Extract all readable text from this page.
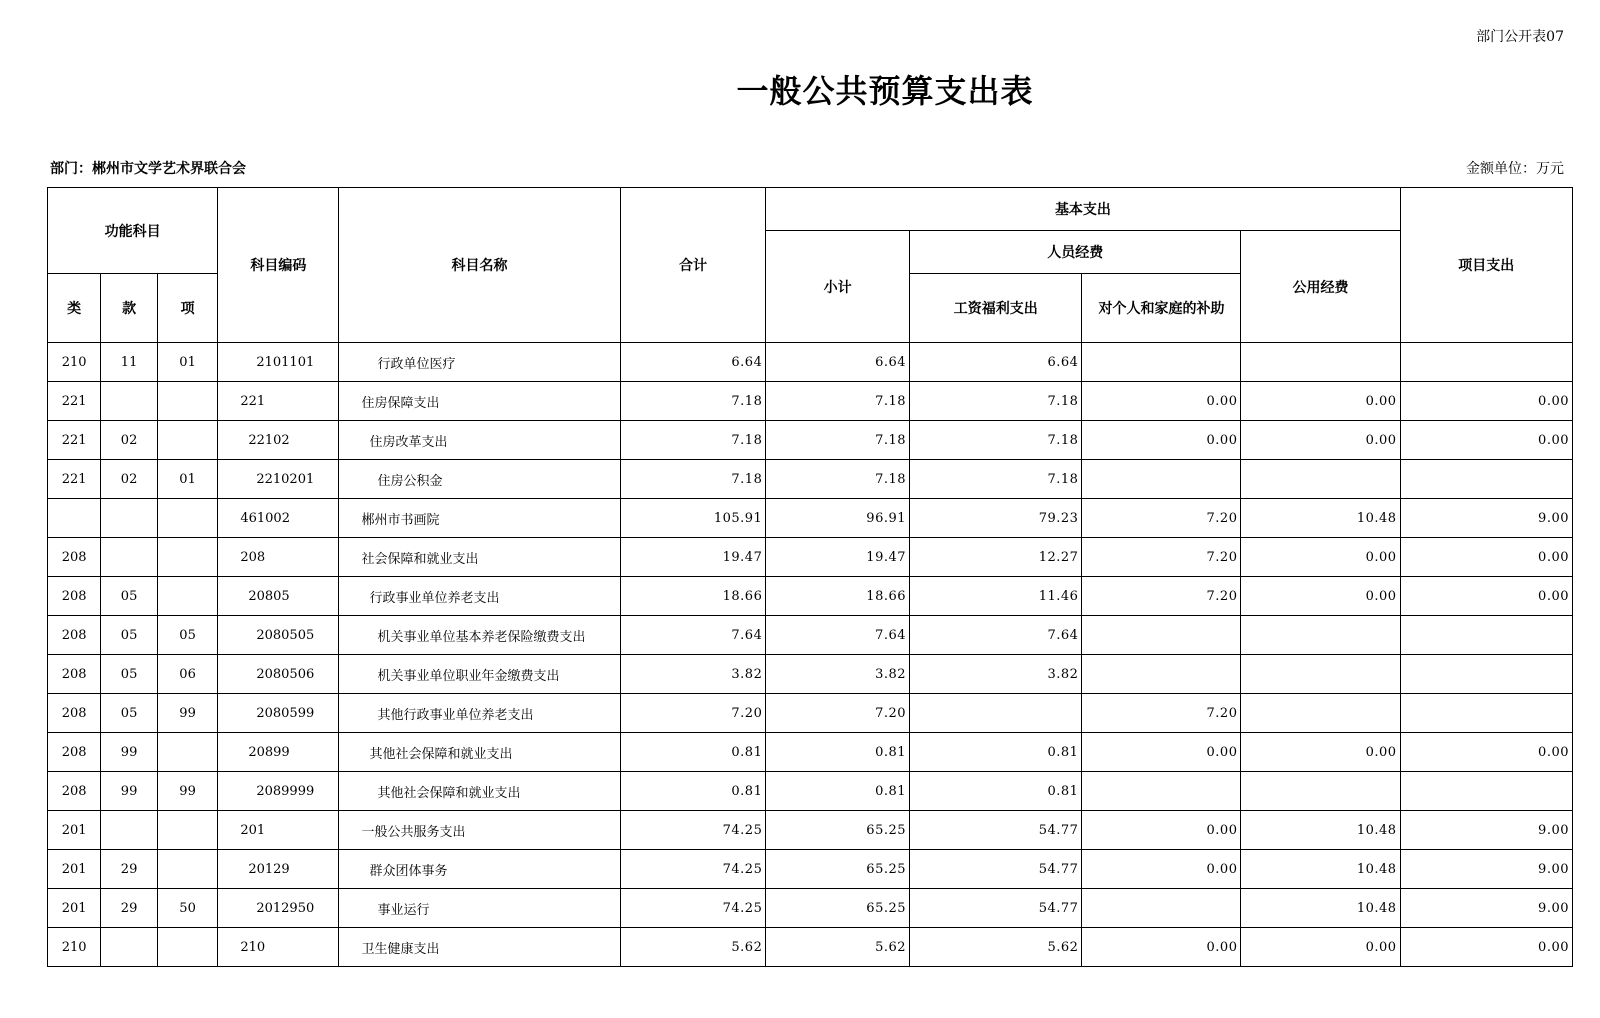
部门公开表07
一般公共预算支出表
部门：郴州市文学艺术界联合会	金额单位：万元
功能科目			科目编码	科目名称	合计	基本支出				项目支出
						小计	人员经费		公用经费	
类	款	项					工资福利支出	对个人和家庭的补助		
210	11	01	2101101	行政单位医疗	6.64	6.64	6.64			
221			221	住房保障支出	7.18	7.18	7.18	0.00	0.00	0.00
221	02		22102	住房改革支出	7.18	7.18	7.18	0.00	0.00	0.00
221	02	01	2210201	住房公积金	7.18	7.18	7.18			
			461002	郴州市书画院	105.91	96.91	79.23	7.20	10.48	9.00
208			208	社会保障和就业支出	19.47	19.47	12.27	7.20	0.00	0.00
208	05		20805	行政事业单位养老支出	18.66	18.66	11.46	7.20	0.00	0.00
208	05	05	2080505	机关事业单位基本养老保险缴费支出	7.64	7.64	7.64			
208	05	06	2080506	机关事业单位职业年金缴费支出	3.82	3.82	3.82			
208	05	99	2080599	其他行政事业单位养老支出	7.20	7.20		7.20		
208	99		20899	其他社会保障和就业支出	0.81	0.81	0.81	0.00	0.00	0.00
208	99	99	2089999	其他社会保障和就业支出	0.81	0.81	0.81			
201			201	一般公共服务支出	74.25	65.25	54.77	0.00	10.48	9.00
201	29		20129	群众团体事务	74.25	65.25	54.77	0.00	10.48	9.00
201	29	50	2012950	事业运行	74.25	65.25	54.77		10.48	9.00
210			210	卫生健康支出	5.62	5.62	5.62	0.00	0.00	0.00
